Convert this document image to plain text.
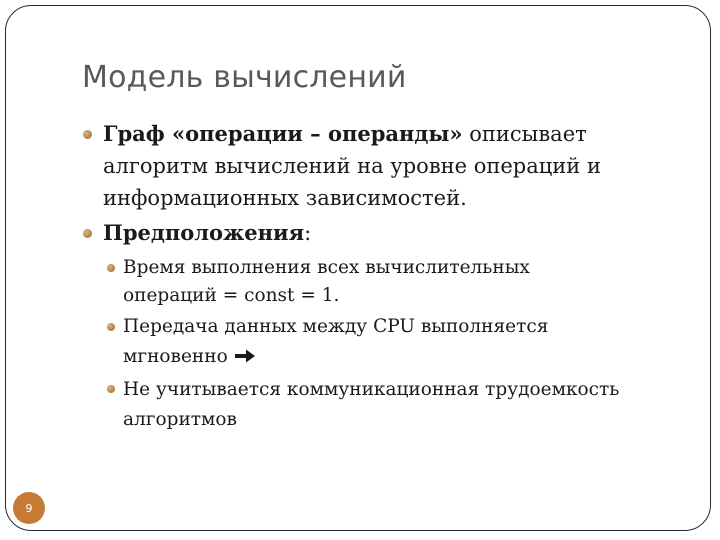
Модель вычислений
Граф «операции – операнды» описывает
алгоритм вычислений на уровне операций и
информационных зависимостей.
Предположения:
Время выполнения всех вычислительных
операций = const = 1.
Передача данных между CPU выполняется
мгновенно
Не учитывается коммуникационная трудоемкость
алгоритмов
9
